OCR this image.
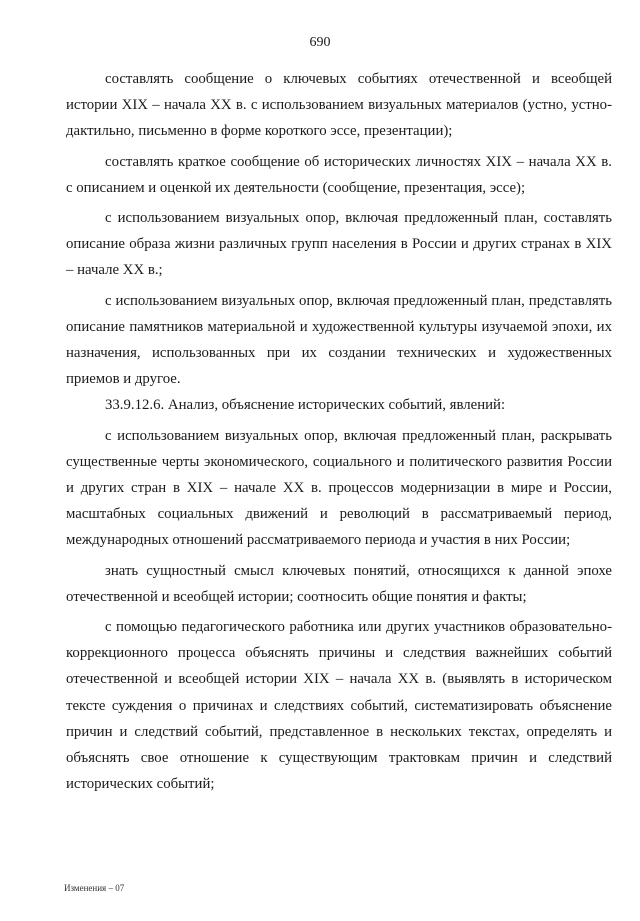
690

составлять сообщение о ключевых событиях отечественной и всеобщей истории XIX – начала XX в. с использованием визуальных материалов (устно, устно-дактильно, письменно в форме короткого эссе, презентации);

составлять краткое сообщение об исторических личностях XIX – начала XX в. с описанием и оценкой их деятельности (сообщение, презентация, эссе);

с использованием визуальных опор, включая предложенный план, составлять описание образа жизни различных групп населения в России и других странах в XIX – начале XX в.;

с использованием визуальных опор, включая предложенный план, представлять описание памятников материальной и художественной культуры изучаемой эпохи, их назначения, использованных при их создании технических и художественных приемов и другое.

33.9.12.6. Анализ, объяснение исторических событий, явлений:

с использованием визуальных опор, включая предложенный план, раскрывать существенные черты экономического, социального и политического развития России и других стран в XIX – начале XX в. процессов модернизации в мире и России, масштабных социальных движений и революций в рассматриваемый период, международных отношений рассматриваемого периода и участия в них России;

знать сущностный смысл ключевых понятий, относящихся к данной эпохе отечественной и всеобщей истории; соотносить общие понятия и факты;

с помощью педагогического работника или других участников образовательно-коррекционного процесса объяснять причины и следствия важнейших событий отечественной и всеобщей истории XIX – начала XX в. (выявлять в историческом тексте суждения о причинах и следствиях событий, систематизировать объяснение причин и следствий событий, представленное в нескольких текстах, определять и объяснять свое отношение к существующим трактовкам причин и следствий исторических событий;

Изменения – 07
